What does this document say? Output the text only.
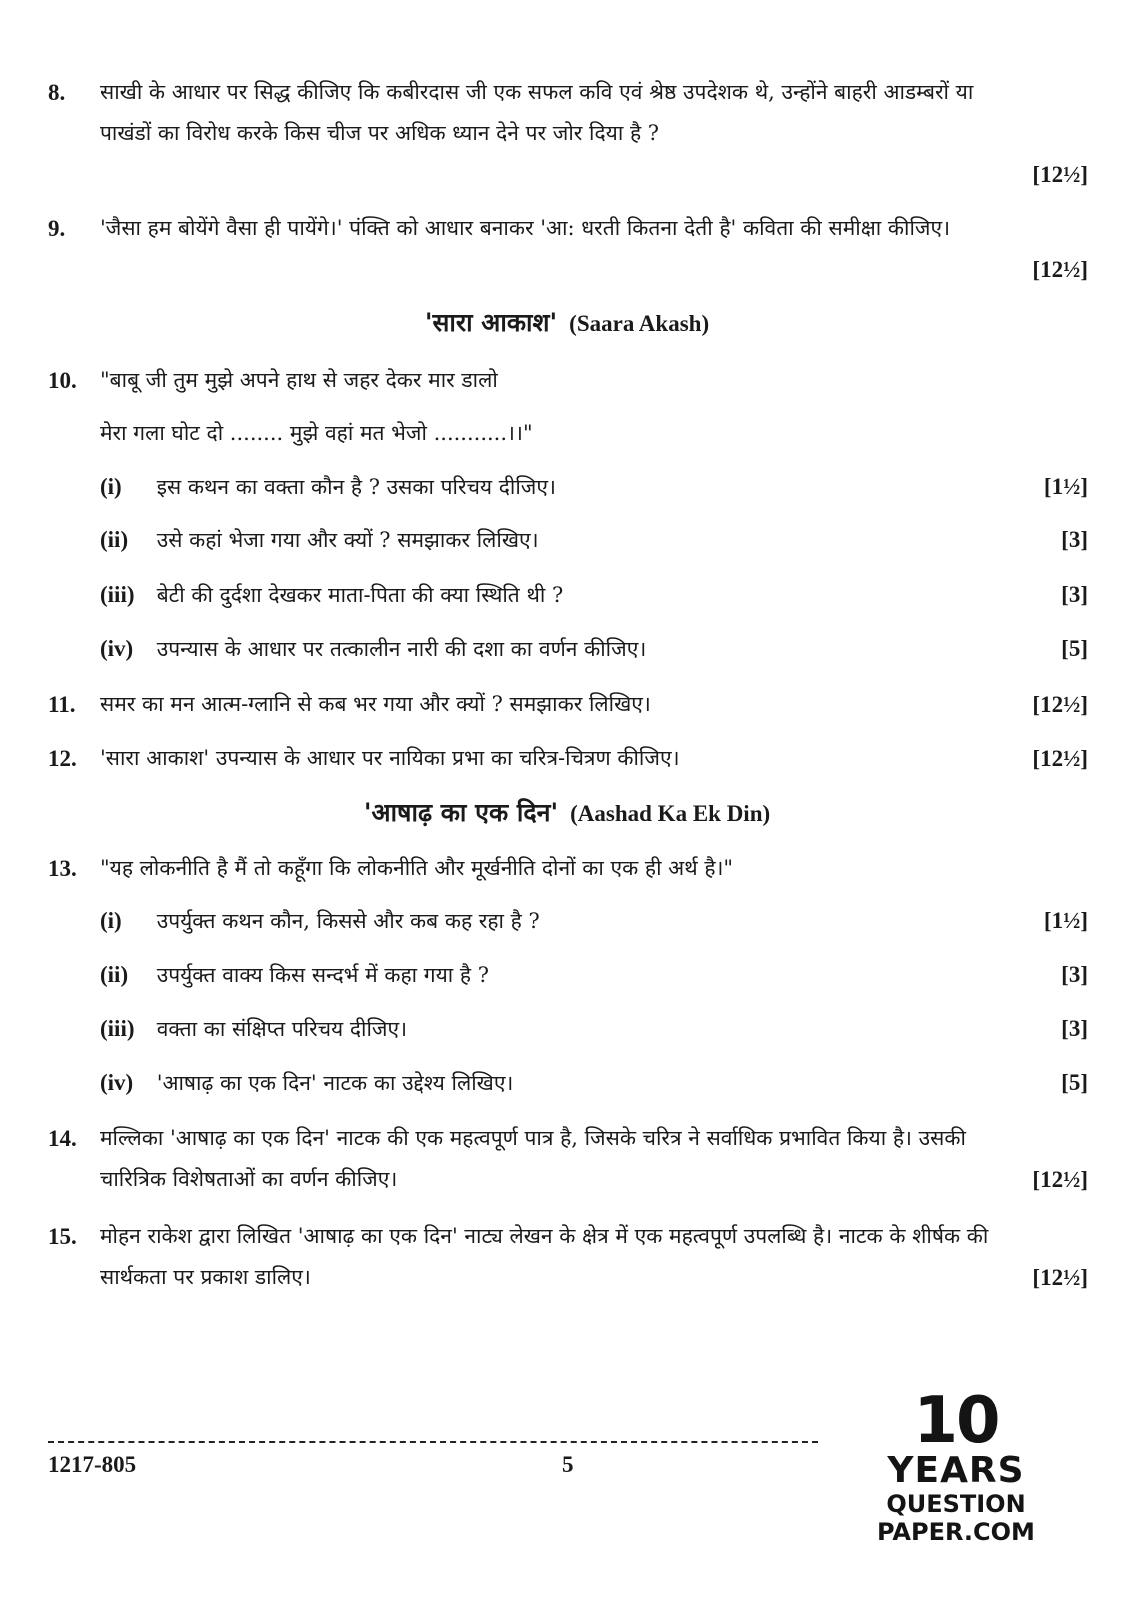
8. साखी के आधार पर सिद्ध कीजिए कि कबीरदास जी एक सफल कवि एवं श्रेष्ठ उपदेशक थे, उन्होंने बाहरी आडम्बरों या पाखंडों का विरोध करके किस चीज पर अधिक ध्यान देने पर जोर दिया है ?
[12½]
9. 'जैसा हम बोयेंगे वैसा ही पायेंगे।' पंक्ति को आधार बनाकर 'आ: धरती कितना देती है' कविता की समीक्षा कीजिए।
[12½]
'सारा आकाश' (Saara Akash)
10. "बाबू जी तुम मुझे अपने हाथ से जहर देकर मार डालो
मेरा गला घोट दो ........ मुझे वहां मत भेजो ...........।।"
(i) इस कथन का वक्ता कौन है ? उसका परिचय दीजिए।	[1½]
(ii) उसे कहां भेजा गया और क्यों ? समझाकर लिखिए।	[3]
(iii) बेटी की दुर्दशा देखकर माता-पिता की क्या स्थिति थी ?	[3]
(iv) उपन्यास के आधार पर तत्कालीन नारी की दशा का वर्णन कीजिए।	[5]
11. समर का मन आत्म-ग्लानि से कब भर गया और क्यों ? समझाकर लिखिए।	[12½]
12. 'सारा आकाश' उपन्यास के आधार पर नायिका प्रभा का चरित्र-चित्रण कीजिए।	[12½]
'आषाढ़ का एक दिन' (Aashad Ka Ek Din)
13. "यह लोकनीति है मैं तो कहूँगा कि लोकनीति और मूर्खनीति दोनों का एक ही अर्थ है।"
(i) उपर्युक्त कथन कौन, किससे और कब कह रहा है ?	[1½]
(ii) उपर्युक्त वाक्य किस सन्दर्भ में कहा गया है ?	[3]
(iii) वक्ता का संक्षिप्त परिचय दीजिए।	[3]
(iv) 'आषाढ़ का एक दिन' नाटक का उद्देश्य लिखिए।	[5]
14. मल्लिका 'आषाढ़ का एक दिन' नाटक की एक महत्वपूर्ण पात्र है, जिसके चरित्र ने सर्वाधिक प्रभावित किया है। उसकी चारित्रिक विशेषताओं का वर्णन कीजिए।	[12½]
15. मोहन राकेश द्वारा लिखित 'आषाढ़ का एक दिन' नाट्य लेखन के क्षेत्र में एक महत्वपूर्ण उपलब्धि है। नाटक के शीर्षक की सार्थकता पर प्रकाश डालिए।	[12½]
1217-805	5
10
YEARS
QUESTION PAPER.COM
